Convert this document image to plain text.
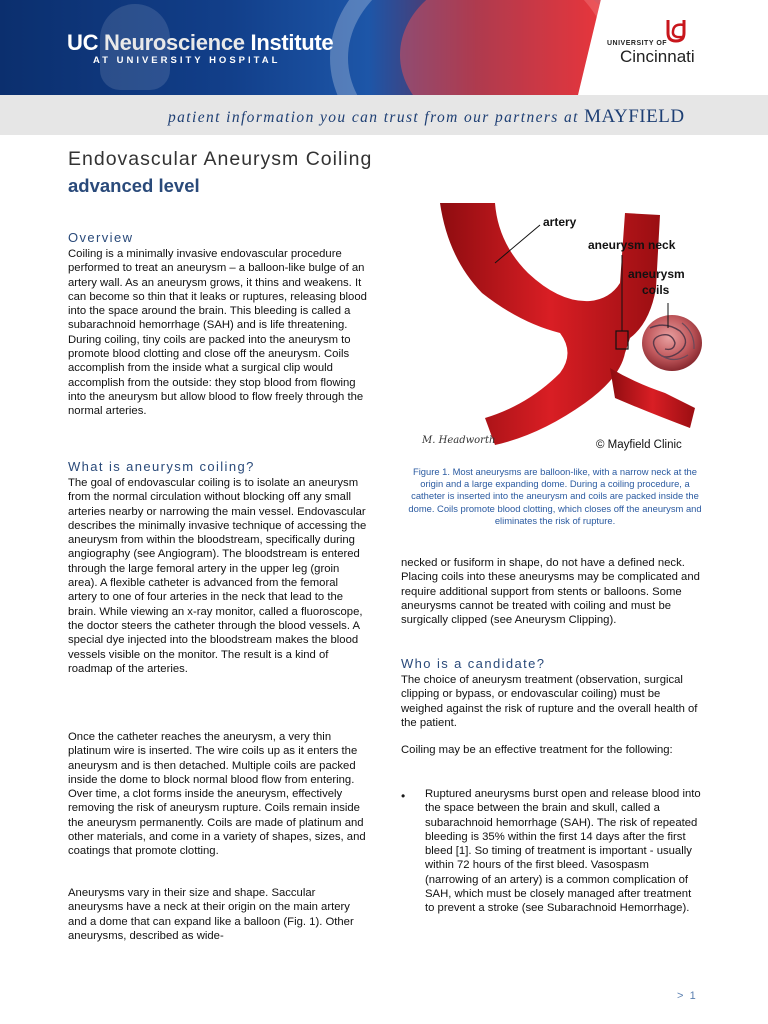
UC Neuroscience Institute
AT UNIVERSITY HOSPITAL
UNIVERSITY OF
Cincinnati
patient information you can trust from our partners at MAYFIELD
Endovascular Aneurysm Coiling
advanced level
Overview

Coiling is a minimally invasive endovascular procedure performed to treat an aneurysm – a balloon-like bulge of an artery wall. As an aneurysm grows, it thins and weakens. It can become so thin that it leaks or ruptures, releasing blood into the space around the brain. This bleeding is called a subarachnoid hemorrhage (SAH) and is life threatening. During coiling, tiny coils are packed into the aneurysm to promote blood clotting and close off the aneurysm. Coils accomplish from the inside what a surgical clip would accomplish from the outside: they stop blood from flowing into the aneurysm but allow blood to flow freely through the normal arteries.

What is aneurysm coiling?

The goal of endovascular coiling is to isolate an aneurysm from the normal circulation without blocking off any small arteries nearby or narrowing the main vessel. Endovascular describes the minimally invasive technique of accessing the aneurysm from within the bloodstream, specifically during angiography (see Angiogram). The bloodstream is entered through the large femoral artery in the upper leg (groin area). A flexible catheter is advanced from the femoral artery to one of four arteries in the neck that lead to the brain. While viewing an x-ray monitor, called a fluoroscope, the doctor steers the catheter through the blood vessels. A special dye injected into the bloodstream makes the blood vessels visible on the monitor. The result is a kind of roadmap of the arteries.

Once the catheter reaches the aneurysm, a very thin platinum wire is inserted. The wire coils up as it enters the aneurysm and is then detached. Multiple coils are packed inside the dome to block normal blood flow from entering. Over time, a clot forms inside the aneurysm, effectively removing the risk of aneurysm rupture. Coils remain inside the aneurysm permanently. Coils are made of platinum and other materials, and come in a variety of shapes, sizes, and coatings that promote clotting.

Aneurysms vary in their size and shape. Saccular aneurysms have a neck at their origin on the main artery and a dome that can expand like a balloon (Fig. 1). Other aneurysms, described as wide-

artery
aneurysm neck
aneurysm
coils
M. Headworth	© Mayfield Clinic

Figure 1. Most aneurysms are balloon-like, with a narrow neck at the origin and a large expanding dome. During a coiling procedure, a catheter is inserted into the aneurysm and coils are packed inside the dome. Coils promote blood clotting, which closes off the aneurysm and eliminates the risk of rupture.

necked or fusiform in shape, do not have a defined neck. Placing coils into these aneurysms may be complicated and require additional support from stents or balloons. Some aneurysms cannot be treated with coiling and must be surgically clipped (see Aneurysm Clipping).

Who is a candidate?

The choice of aneurysm treatment (observation, surgical clipping or bypass, or endovascular coiling) must be weighed against the risk of rupture and the overall health of the patient.

Coiling may be an effective treatment for the following:

• Ruptured aneurysms burst open and release blood into the space between the brain and skull, called a subarachnoid hemorrhage (SAH). The risk of repeated bleeding is 35% within the first 14 days after the first bleed [1]. So timing of treatment is important - usually within 72 hours of the first bleed. Vasospasm (narrowing of an artery) is a common complication of SAH, which must be closely managed after treatment to prevent a stroke (see Subarachnoid Hemorrhage).

> 1
